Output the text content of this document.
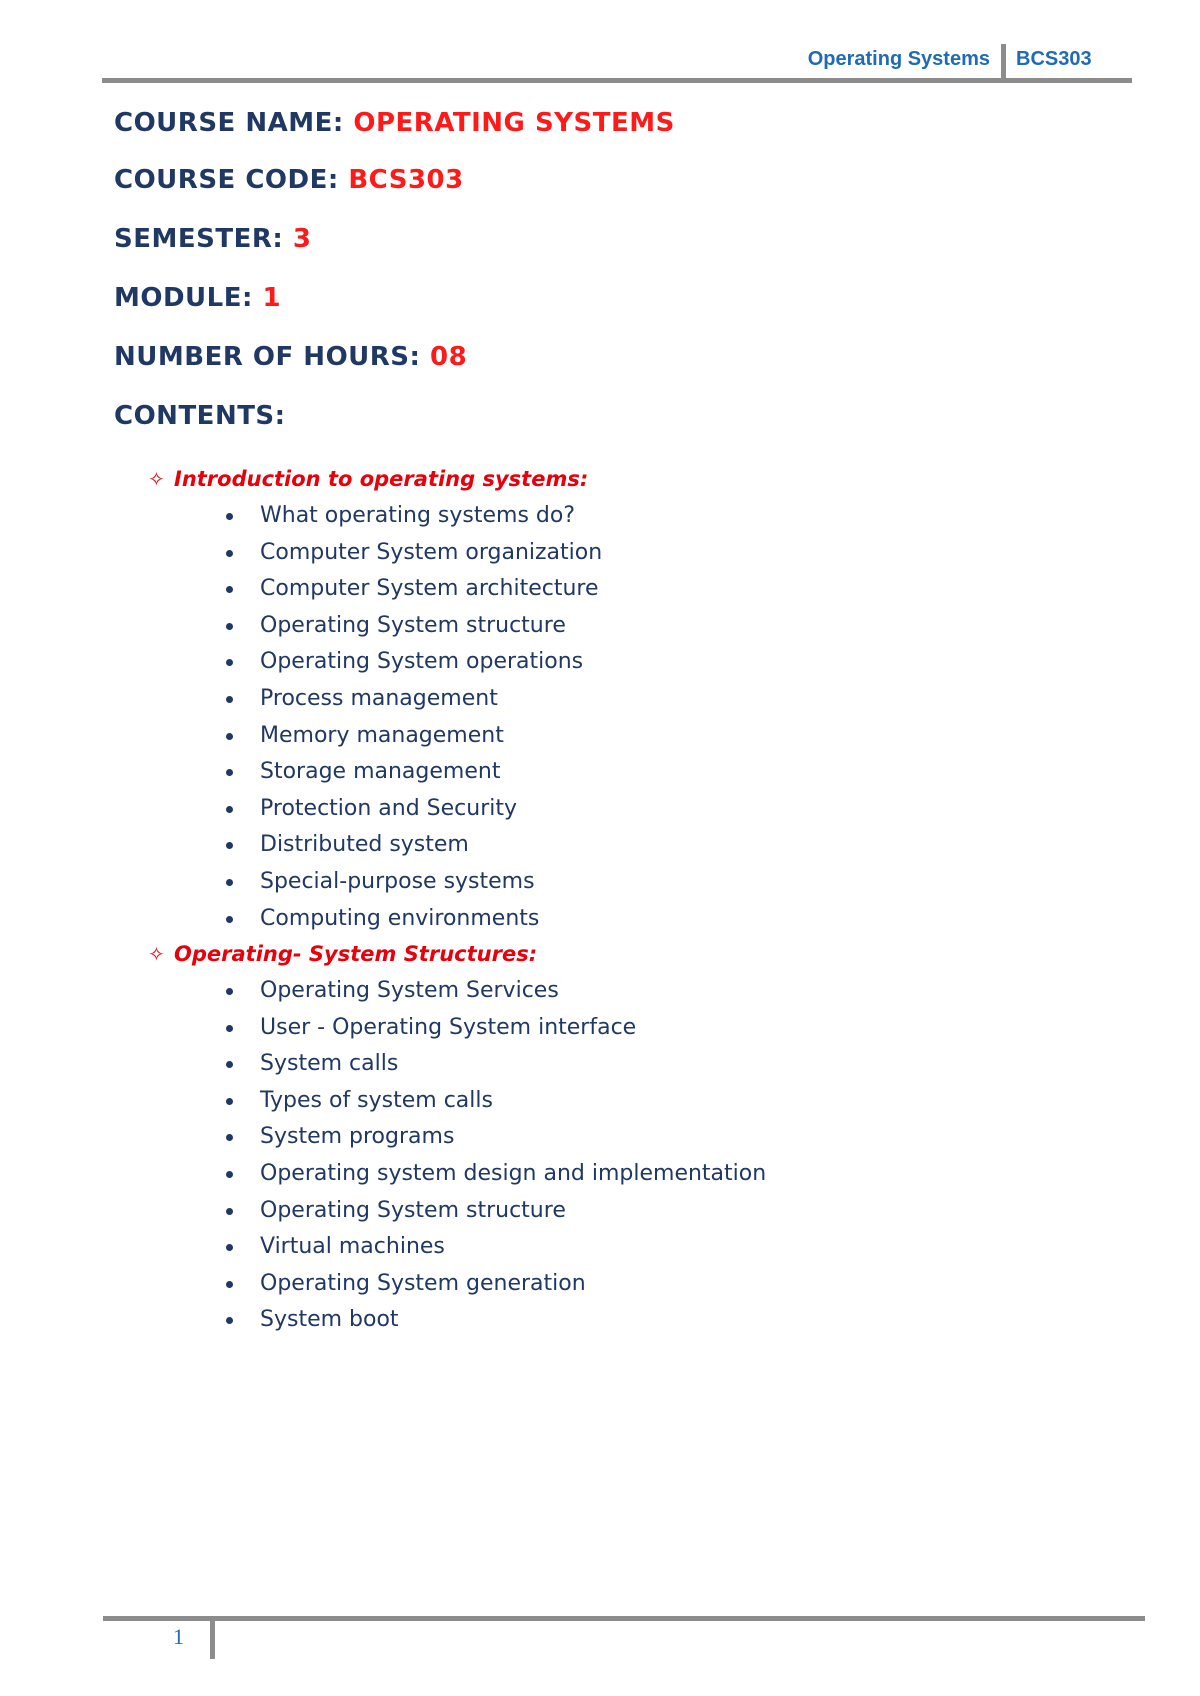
Operating Systems BCS303
COURSE NAME: OPERATING SYSTEMS
COURSE CODE: BCS303
SEMESTER: 3
MODULE: 1
NUMBER OF HOURS: 08
CONTENTS:
✧ Introduction to operating systems:
What operating systems do?
Computer System organization
Computer System architecture
Operating System structure
Operating System operations
Process management
Memory management
Storage management
Protection and Security
Distributed system
Special-purpose systems
Computing environments
✧ Operating- System Structures:
Operating System Services
User - Operating System interface
System calls
Types of system calls
System programs
Operating system design and implementation
Operating System structure
Virtual machines
Operating System generation
System boot
1
